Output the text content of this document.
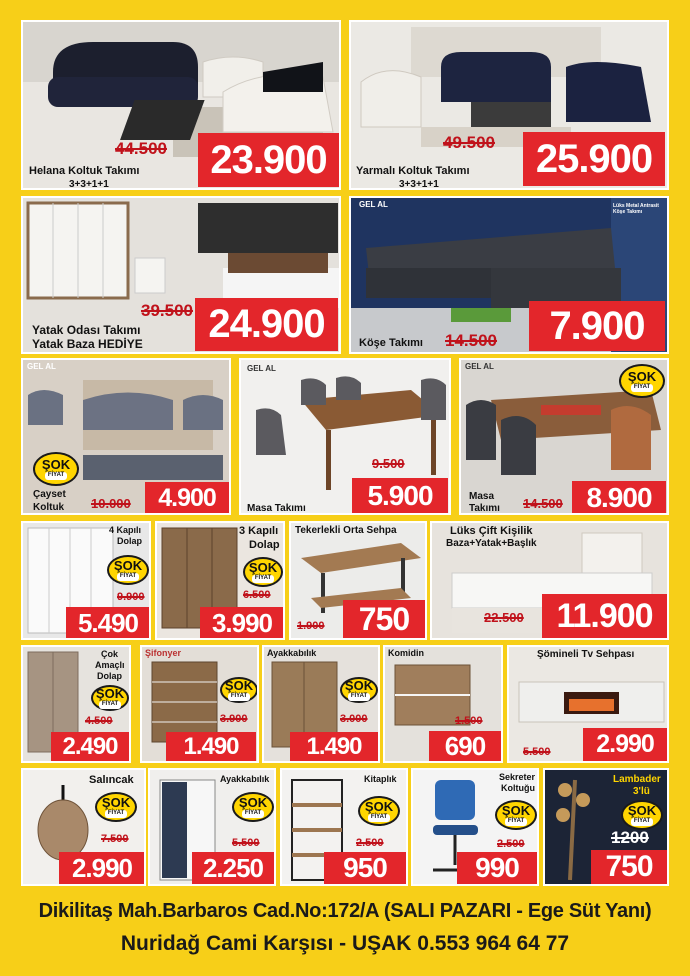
Helana Koltuk Takımı
3+3+1+1
44.500	23.900	Yarmalı Koltuk Takımı
3+3+1+1
49.500	25.900
Yatak Odası Takımı
Yatak Baza HEDİYE
39.500 24.900
GEL AL	Lüks Metal Antrasit Köşe Takımı
Köşe Takımı 14.500	7.900
GEL AL
ŞOK
FİYAT
Çayset
Koltuk 10.000	4.900
GEL AL
Masa Takımı
9.500
5.900
GEL AL
ŞOK
FİYAT
Masa
Takımı 14.500 8.900
4 Kapılı
Dolap
ŞOK
FİYAT
9.900
5.490
3 Kapılı
Dolap
ŞOK
FİYAT
6.500
3.990
Tekerlekli Orta Sehpa
1.900	750
Lüks Çift Kişilik
Baza+Yatak+Başlık
22.500 11.900
Çok
Amaçlı
Dolap
ŞOK
FİYAT
4.500
2.490
Şifonyer
ŞOK
FİYAT
3.900
1.490
Ayakkabılık
ŞOK
FİYAT
3.000
1.490
Komidin
1.500
690
Şömineli Tv Sehpası
5.500	2.990
Salıncak
ŞOK
FİYAT
7.500
2.990
Ayakkabılık
ŞOK
FİYAT
5.500
2.250
Kitaplık
ŞOK
FİYAT
2.500
950
Sekreter
Koltuğu
ŞOK
FİYAT
2.500
990
Lambader
3'lü
ŞOK
FİYAT
1200
750
Dikilitaş Mah.Barbaros Cad.No:172/A (SALI PAZARI - Ege Süt Yanı)
Nuridağ Cami Karşısı - UŞAK 0.553 964 64 77
